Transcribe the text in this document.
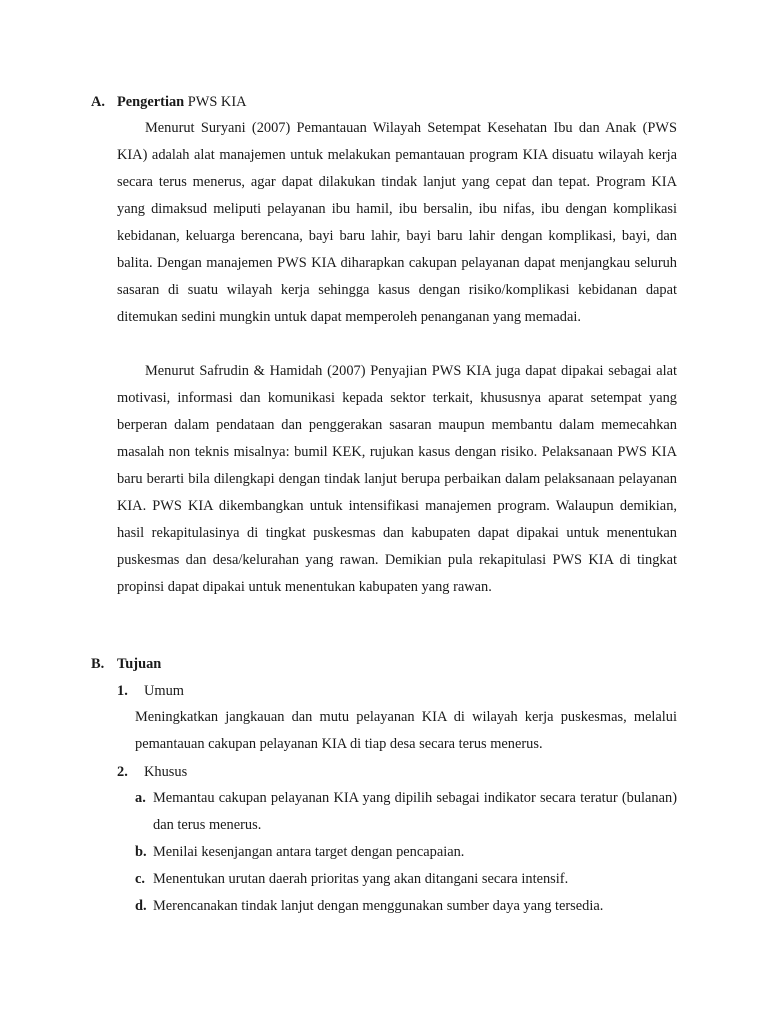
A. Pengertian PWS KIA

Menurut Suryani (2007) Pemantauan Wilayah Setempat Kesehatan Ibu dan Anak (PWS KIA) adalah alat manajemen untuk melakukan pemantauan program KIA disuatu wilayah kerja secara terus menerus, agar dapat dilakukan tindak lanjut yang cepat dan tepat. Program KIA yang dimaksud meliputi pelayanan ibu hamil, ibu bersalin, ibu nifas, ibu dengan komplikasi kebidanan, keluarga berencana, bayi baru lahir, bayi baru lahir dengan komplikasi, bayi, dan balita. Dengan manajemen PWS KIA diharapkan cakupan pelayanan dapat menjangkau seluruh sasaran di suatu wilayah kerja sehingga kasus dengan risiko/komplikasi kebidanan dapat ditemukan sedini mungkin untuk dapat memperoleh penanganan yang memadai.

Menurut Safrudin & Hamidah (2007) Penyajian PWS KIA juga dapat dipakai sebagai alat motivasi, informasi dan komunikasi kepada sektor terkait, khususnya aparat setempat yang berperan dalam pendataan dan penggerakan sasaran maupun membantu dalam memecahkan masalah non teknis misalnya: bumil KEK, rujukan kasus dengan risiko. Pelaksanaan PWS KIA baru berarti bila dilengkapi dengan tindak lanjut berupa perbaikan dalam pelaksanaan pelayanan KIA. PWS KIA dikembangkan untuk intensifikasi manajemen program. Walaupun demikian, hasil rekapitulasinya di tingkat puskesmas dan kabupaten dapat dipakai untuk menentukan puskesmas dan desa/kelurahan yang rawan. Demikian pula rekapitulasi PWS KIA di tingkat propinsi dapat dipakai untuk menentukan kabupaten yang rawan.

B. Tujuan
1. Umum

Meningkatkan jangkauan dan mutu pelayanan KIA di wilayah kerja puskesmas, melalui pemantauan cakupan pelayanan KIA di tiap desa secara terus menerus.

2. Khusus
a. Memantau cakupan pelayanan KIA yang dipilih sebagai indikator secara teratur (bulanan) dan terus menerus.
b. Menilai kesenjangan antara target dengan pencapaian.
c. Menentukan urutan daerah prioritas yang akan ditangani secara intensif.
d. Merencanakan tindak lanjut dengan menggunakan sumber daya yang tersedia.
